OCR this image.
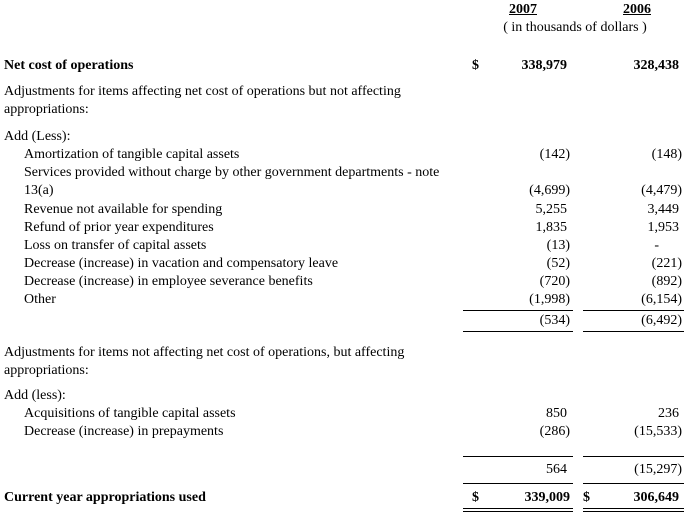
2007	2006
( in thousands of dollars )
Net cost of operations	$	338,979	328,438
Adjustments for items affecting net cost of operations but not affecting
appropriations:
Add (Less):
Amortization of tangible capital assets	(142)	(148)
Services provided without charge by other government departments - note
13(a)	(4,699)	(4,479)
Revenue not available for spending	5,255	3,449
Refund of prior year expenditures	1,835	1,953
Loss on transfer of capital assets	(13)	-
Decrease (increase) in vacation and compensatory leave	(52)	(221)
Decrease (increase) in employee severance benefits	(720)	(892)
Other	(1,998)	(6,154)
(534)	(6,492)
Adjustments for items not affecting net cost of operations, but affecting
appropriations:
Add (less):
Acquisitions of tangible capital assets	850	236
Decrease (increase) in prepayments	(286)	(15,533)
564	(15,297)
Current year appropriations used	$	339,009 $	306,649
